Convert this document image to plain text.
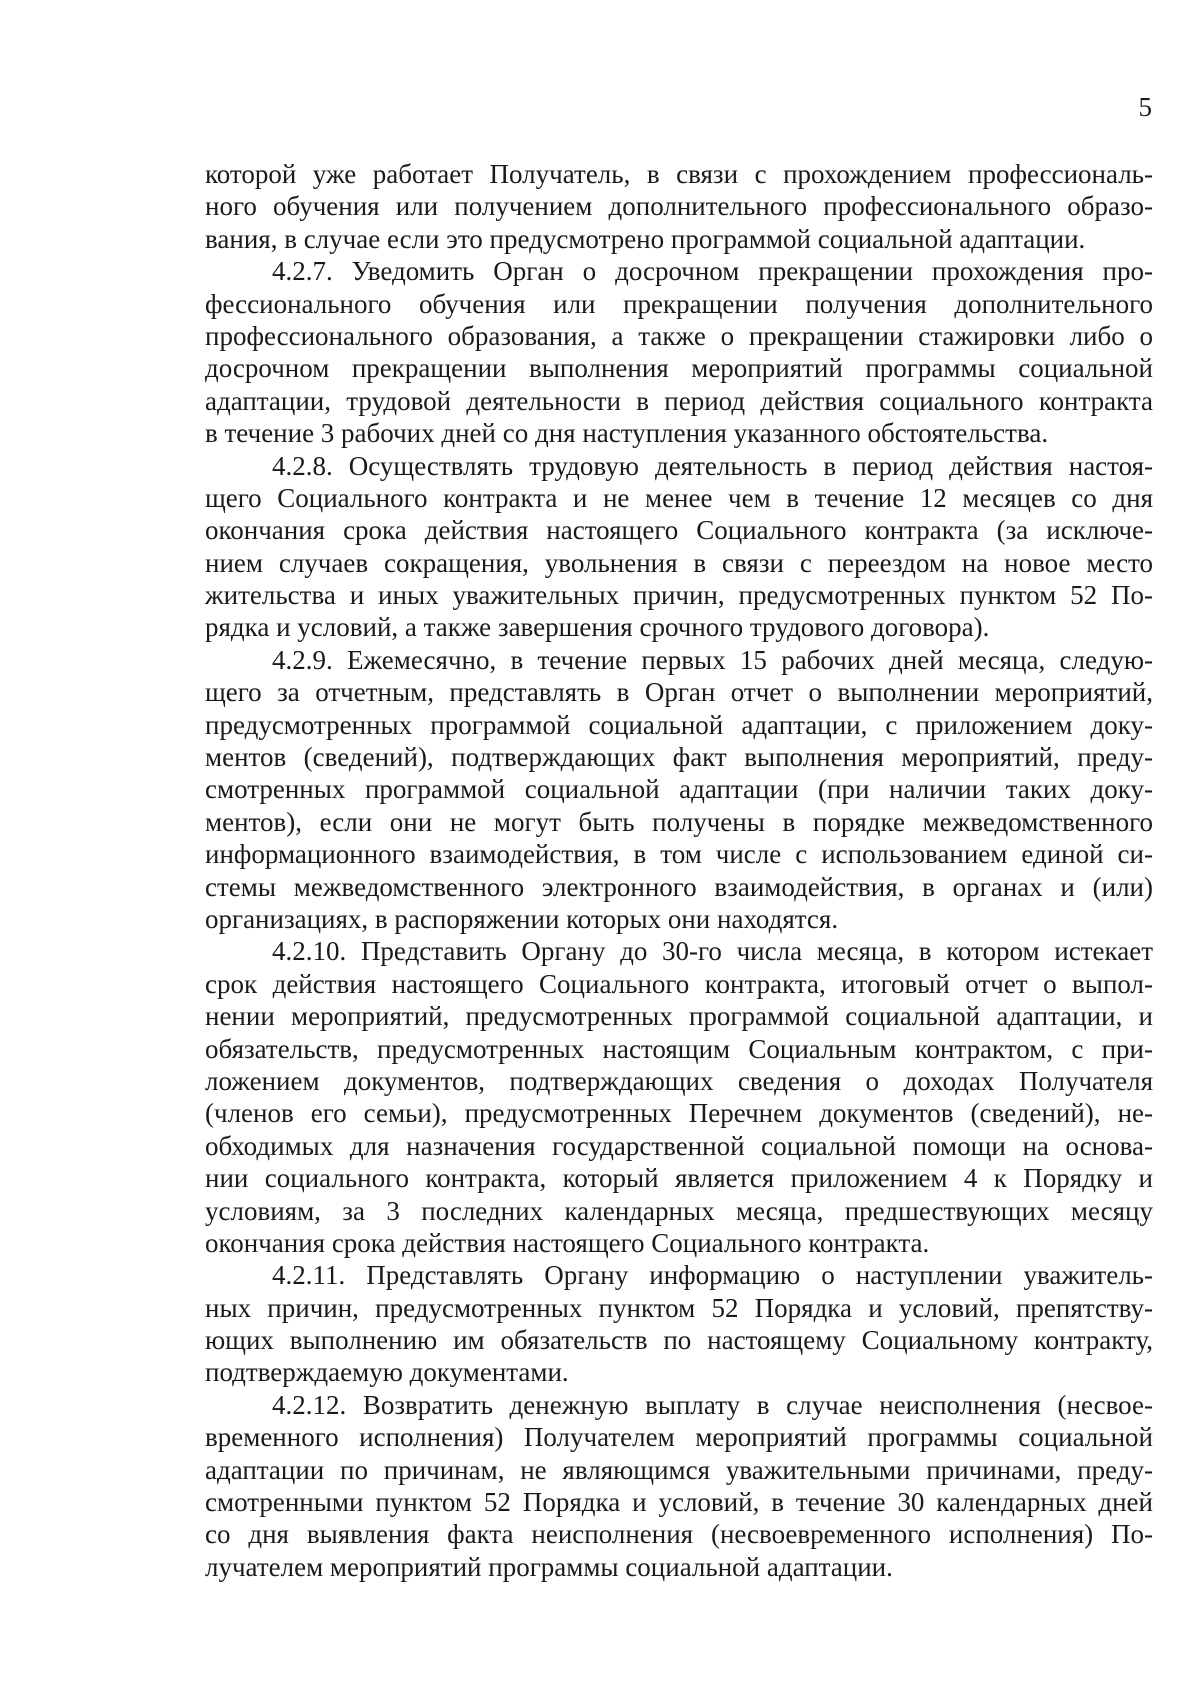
5
которой уже работает Получатель, в связи с прохождением профессиональ-
ного обучения или получением дополнительного профессионального образо-
вания, в случае если это предусмотрено программой социальной адаптации.
4.2.7. Уведомить Орган о досрочном прекращении прохождения про-
фессионального обучения или прекращении получения дополнительного
профессионального образования, а также о прекращении стажировки либо о
досрочном прекращении выполнения мероприятий программы социальной
адаптации, трудовой деятельности в период действия социального контракта
в течение 3 рабочих дней со дня наступления указанного обстоятельства.
4.2.8. Осуществлять трудовую деятельность в период действия настоя-
щего Социального контракта и не менее чем в течение 12 месяцев со дня
окончания срока действия настоящего Социального контракта (за исключе-
нием случаев сокращения, увольнения в связи с переездом на новое место
жительства и иных уважительных причин, предусмотренных пунктом 52 По-
рядка и условий, а также завершения срочного трудового договора).
4.2.9. Ежемесячно, в течение первых 15 рабочих дней месяца, следую-
щего за отчетным, представлять в Орган отчет о выполнении мероприятий,
предусмотренных программой социальной адаптации, с приложением доку-
ментов (сведений), подтверждающих факт выполнения мероприятий, преду-
смотренных программой социальной адаптации (при наличии таких доку-
ментов), если они не могут быть получены в порядке межведомственного
информационного взаимодействия, в том числе с использованием единой си-
стемы межведомственного электронного взаимодействия, в органах и (или)
организациях, в распоряжении которых они находятся.
4.2.10. Представить Органу до 30-го числа месяца, в котором истекает
срок действия настоящего Социального контракта, итоговый отчет о выпол-
нении мероприятий, предусмотренных программой социальной адаптации, и
обязательств, предусмотренных настоящим Социальным контрактом, с при-
ложением документов, подтверждающих сведения о доходах Получателя
(членов его семьи), предусмотренных Перечнем документов (сведений), не-
обходимых для назначения государственной социальной помощи на основа-
нии социального контракта, который является приложением 4 к Порядку и
условиям, за 3 последних календарных месяца, предшествующих месяцу
окончания срока действия настоящего Социального контракта.
4.2.11. Представлять Органу информацию о наступлении уважитель-
ных причин, предусмотренных пунктом 52 Порядка и условий, препятству-
ющих выполнению им обязательств по настоящему Социальному контракту,
подтверждаемую документами.
4.2.12. Возвратить денежную выплату в случае неисполнения (несвое-
временного исполнения) Получателем мероприятий программы социальной
адаптации по причинам, не являющимся уважительными причинами, преду-
смотренными пунктом 52 Порядка и условий, в течение 30 календарных дней
со дня выявления факта неисполнения (несвоевременного исполнения) По-
лучателем мероприятий программы социальной адаптации.
